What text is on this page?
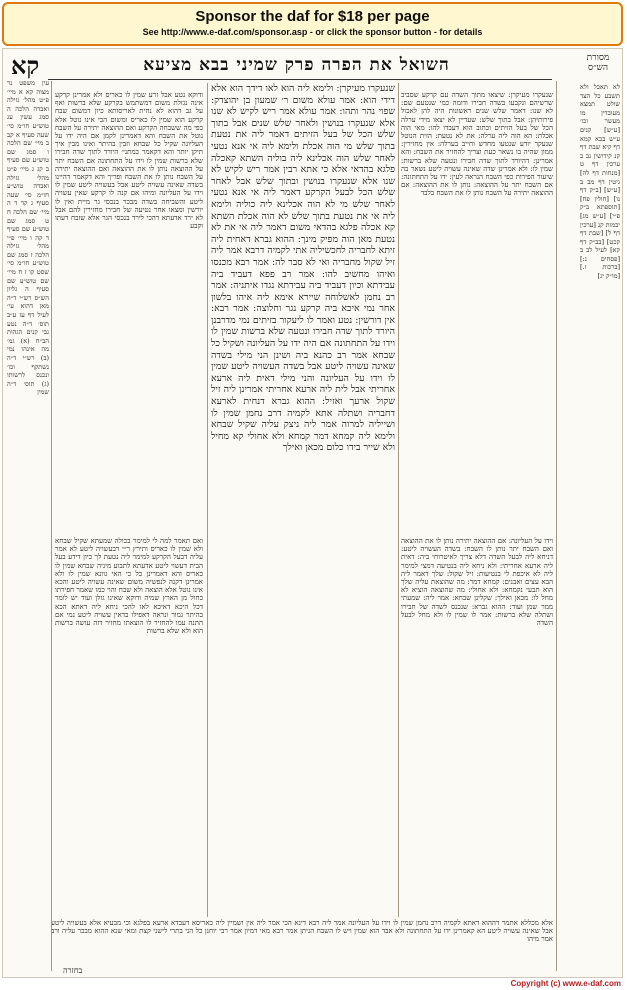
Sponsor the daf for $18 per page
See http://www.e-daf.com/sponsor.asp - or click the sponsor button - for details
קא	השואל את הפרה פרק שמיני בבא מציעא	מסורת הש״ס
עין משפט נר מצוה קא א מיי׳ פ״ט מהל׳ גזילה ואבדה הלכה ה סמג עשין עג טוש״ע חו״מ סי׳ שעה סעיף א קב ב מיי׳ שם הלכה ו סמג שם טוש״ע שם סעיף ב קג ג מיי׳ פ״ט מהל׳ גזילה ואבדה טוש״ע חו״מ סי׳ שעה סעיף ג קד ד ה מיי׳ שם הלכה ח ט סמג שם טוש״ע שם סעיף ד קה ו מיי׳ פ״י מהל׳ גזילה הלכה ז סמג שם טוש״ע חו״מ סי׳ שסט קו ז ח מיי׳ שם טוש״ע שם סעיף ה גליון הש״ס רש״י ד״ה מאן דהוא עי׳ לעיל דף עז ע״ב תוס׳ ד״ה נטע גבי קנים הגהות הב״ח (א) גמ׳ מה אינהו נמי (ב) רש״י ד״ה נשתקף וכו׳ ונכנס לרשותו (ג) תוס׳ ד״ה שמין
לא תאכל ולא תשבע כל הצד שולט תמצא מעובדין מו מעשר וכו׳ [ע״ש] קנים ע״ש בבא קמא דף קיא שבת דף קנ קידושין נב ב ערכין דף ט [מנחות דף לה] גיטין דף מב ב [ע״ש] [ב״ק דף נו] [חולין פח] [תוספתא ב״ק פ״י] [ע״ש מג] יבמות קנ [ערכין דף ל] [שבת דף קכט] [בב״ק דף קא] לעיל לב ב [פסחים נ:] [ברכות ז.] [מו״ק יג]
ודוקא נטע אבל זרע שמין לו כאריס ולא אמרינן קרקע אינה נגזלת משום דמשתמש בקרקע שלא ברשות ואף על גב דהוא לא נחית לאריסותא כיון דמשום שבח קרקע הוא שמין לו כאריס ומשום הכי אינו נוטל אלא כפי מה ששבחה הקרקע ואם ההוצאה יתירה על השבח נוטל את השבח והא דאמרינן לקמן אם היה ידו על העליונה שקיל כל שבחא וזבין בהיתר ואינו מבין איך תיקן יותר והא דקאמר במתני׳ היורד לתוך שדה חבירו שלא ברשות שמין לו וידו על התחתונה אם השבח יתר על ההוצאה נותן לו את ההוצאה ואם ההוצאה יתירה על השבח נותן לו את השבח ופריך והא דקאמר דהיינו בשדה שאינה עשויה ליטע אבל בעשויה ליטע שמין לו וידו על העליונה ומיהו אם קנה לו קרקע שאין עשויה ליטע והשביחה בשדה מבכר בנכסי גר מיית ואין לו יורשין ומצאו אחר נטיעה של חבירו מחזירין להם אבל לא ירד אדעתא דהכי לירד בנכסי הגר אלא שזבח דעתו וקבע
שנעקרו מעיקרן: ולימא ליה הוא לאו דידך הוא אלא דידי הוא: אמר עולא משום ר׳ שמעון בן יהוצדק: שפוי נהר ותהו: אמר עולא אמר ריש לקיש לא שנו אלא שנעקרו בנושין ולאחר שלש שנים אבל בתוך שלש הכל של בעל הזיתים דאמר ליה את נטעת בתוך שלש מי הוה אכלת ולימא ליה אי אנא נטעי לאחר שלש הוה אכלינא ליה בוליה השתא קאכלה פלגא בהדאי אלא כי אתא רבין אמר ריש לקיש לא שנו אלא שנעקרו בנושין ובתוך שלש אבל לאחר שלש הכל לבעל הקרקע דאמר ליה אי אנא נטעי לאחר שלש מי לא הוה אכלינא ליה כוליה ולימא ליה אי את נטעת בתוך שלש לא הוה אכלת השתא קא אכלה פלגא בהדאי משום דאמר ליה אי את לא נטעת מאן הוה מפיק מינך: ההוא גברא דאחית ליה זיתא לחבריה לחכשיליה אתי לקמיה דרבא אמר ליה זיל שקול מחבריה ואי לא סבר לה: אמר רבא מכנסו ואיהו מחשיב להו: אמר רב פפא דעביד ביה עבידתא וכיון דעביד ביה עבידתא נגדו איתניה: אמר רב נחמן לאשלוחה שיירא אימא ליה איהו בלשון אחר נמי איכא ביה קרקע נגר וחלוצה: אמר רבא: אין דורשין: נטע ואמר לו ליעקור בזיתים נמי מדרבנן היורד לתוך שדה חבירו ונטעה שלא ברשות שמין לו וידו על התחתונה אם היה ידו על העליונה ושקיל כל שבחא אמר רב כהנא ביה ושינן הני מילי בשדה שאינה עשויה ליטע אבל בשדה העשויה ליטע שמין לו וידו על העליונה והני מילי דאית ליה ארעא אחריתי אבל לית ליה ארעא אחריתי אמרינן ליה זיל שקול ארעך ואזיל: ההוא גברא דנחית לארעא דחבריה ושתלה אתא לקמיה דרב נחמן שמין לו ושייליה למרוה אמר ליה ניצק עליה שקיל שבחא ולימא ליה קמחא דמר קמחא ולא אחולי קא מחיל ולא שייר בידו כלום מכאן ואילך
שנעקרו מעיקרן: שיצאו מתוך השדה עם קרקע שסביב שרשיהם ונקבעו בשדה חבירו ודומה כמי שנטעם שם: לא שנו: דאמר שלש שנים ראשונות היה להן לאכול פירותיהן: אבל בתוך שלש: שעדיין לא יצאו מידי ערלה הכל של בעל הזיתים וכתוב הוא דעבדו להו: מאי הוה אכלת: הא הוה ליה ערלה: את לא נטעת: הזית הנוטל שנעקר יודע שנטעו מחדש וחייב בערלה: אין מחזירין: ממון שהיה בו נשאר כעת וצריך להחזיר את השבח: והא אמרינן: דהיורד לתוך שדה חבירו ונטעה שלא ברשות: שמין לו: ולא אמרינן שדה שאינה עשויה ליטע נשאר בה שיעור הפירות כפי השבח הנראה לעין: ידו על התחתונה: אם השבח יתר על ההוצאה: נותן לו את ההוצאה: אם ההוצאה יתירה על השבח נותן לו את השבח בלבד
ואם תאמר למה לי למימר בכולה שמעתא שקיל שבחא ולא שמין לו כאריס ותירץ ר״י דבעשויה ליטע לא אמר עליה דבעל הקרקע למימר ליה נטעת לך כיון דידע בעל הבית דעשוי ליטע אדעתא לתבוע מיניה שבחא שמין לו כאריס והא דאמרינן כל כי האי גוונא שמין לו ולא אמרינן דקנה לנפשיה משום שאינה עשויה ליטע והכא אינו נוטל אלא הוצאה ולא שבח והוי כמו שאמר חפירתו כחול מן הארץ שמיה ודוקא שאינו גזלן ועוד יש לומר דכל היכא דאיכא לאו להכי ניחא ליה דאתא הכא בהיתר גמור ונראה דאפילו בדאין עשויה ליטע נמי אם התנה עמו להחזיר לו הוצאתו מחזיר דזה עושה ברשות הוא ולא שלא ברשות
וידו על העליונה: אם ההוצאה יתירה נותן לו את ההוצאה ואם השבח יתר נותן לו השבח: בשדה העשויה ליטע: דניחא ליה לבעל השדה דלא צריך לאיטרוחי ביה: דאית ליה ארעא אחריתי: ולא ניחא ליה בנטיעה דמצי למימר ליה לא איכפת לי בנטיעות: זיל שקול: שלך דאמר ליה הבא עצים ואבנים: קמחא דמר: מה שהוצאת עליה שלך הוא תבעי נקמחא: ולא אחולי: מה שהוצאה הוציא לא מחל לו: מכאן ואילך: שקלינן שבחא: אמר ליה: שמעתי ממר שמן ועוד: ההוא גברא: שנכנס לשדה של חבירו ושתלה שלא ברשות: אמר לו שמין לו ולא מחל לבעל השדה
אלא מכללא אתמר דההוא דאתא לקמיה דרב נחמן שמין לו וידו על העליונה אמר ליה רבא דינא הכי אמר ליה אין ושמיין ליה כאריסא דעבדא ארעא בפלגא וכי מבעיא אלא בעשויה ליטע אבל שאינה עשויה ליטע הא קאמרינן ידו על התחתונה ולא אבד הוא שמין ויש לו השבח הניתן אמר רבא מאי דמיון אמר רבי יוחנן כל הני בתרי לישני קצת ומאי שנא ההוא מבכר עליה ורב אמר מיהו
בחזרה
Copyright (c) www.e-daf.com
